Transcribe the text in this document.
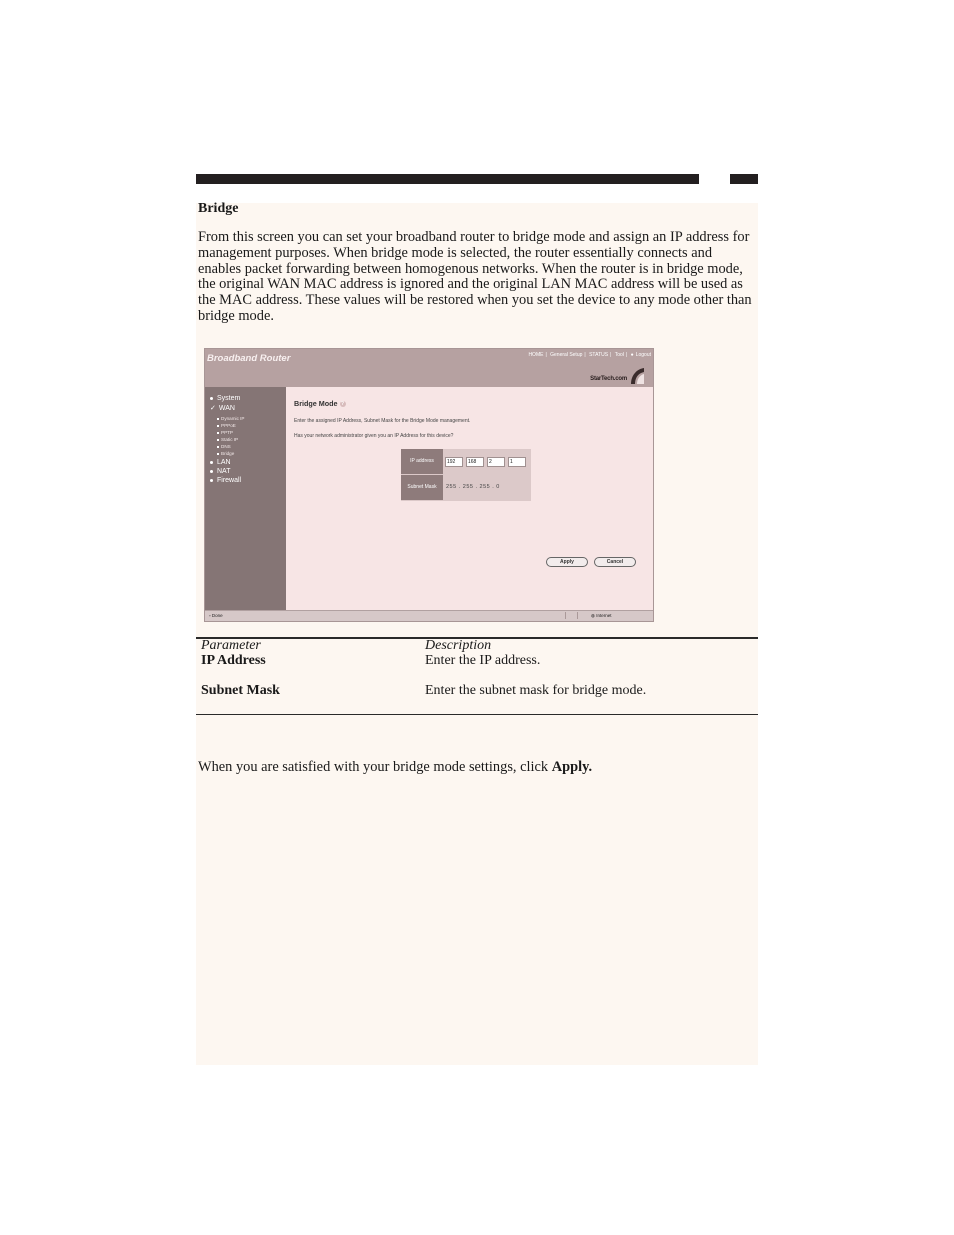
Bridge

From this screen you can set your broadband router to bridge mode and assign an IP address for management purposes. When bridge mode is selected, the router essentially connects and enables packet forwarding between homogenous networks. When the router is in bridge mode, the original WAN MAC address is ignored and the original LAN MAC address will be used as the MAC address. These values will be restored when you set the device to any mode other than bridge mode.

Broadband Router	HOME | General Setup | STATUS | Tool | ● Logout
StarTech.com
System
✓ WAN
Dynamic IP
PPPoE
PPTP
Static IP
DNS
Bridge
LAN
NAT
Firewall
Bridge Mode ?
Enter the assigned IP Address, Subnet Mask for the Bridge Mode management.
Has your network administrator given you an IP Address for this device?
IP address	192	168	2	1
Subnet Mask	255 . 255 . 255 . 0
Apply	Cancel
▫ Done	◍ Internet
Parameter	Description
IP Address	Enter the IP address.
Subnet Mask	Enter the subnet mask for bridge mode.

When you are satisfied with your bridge mode settings, click Apply.
